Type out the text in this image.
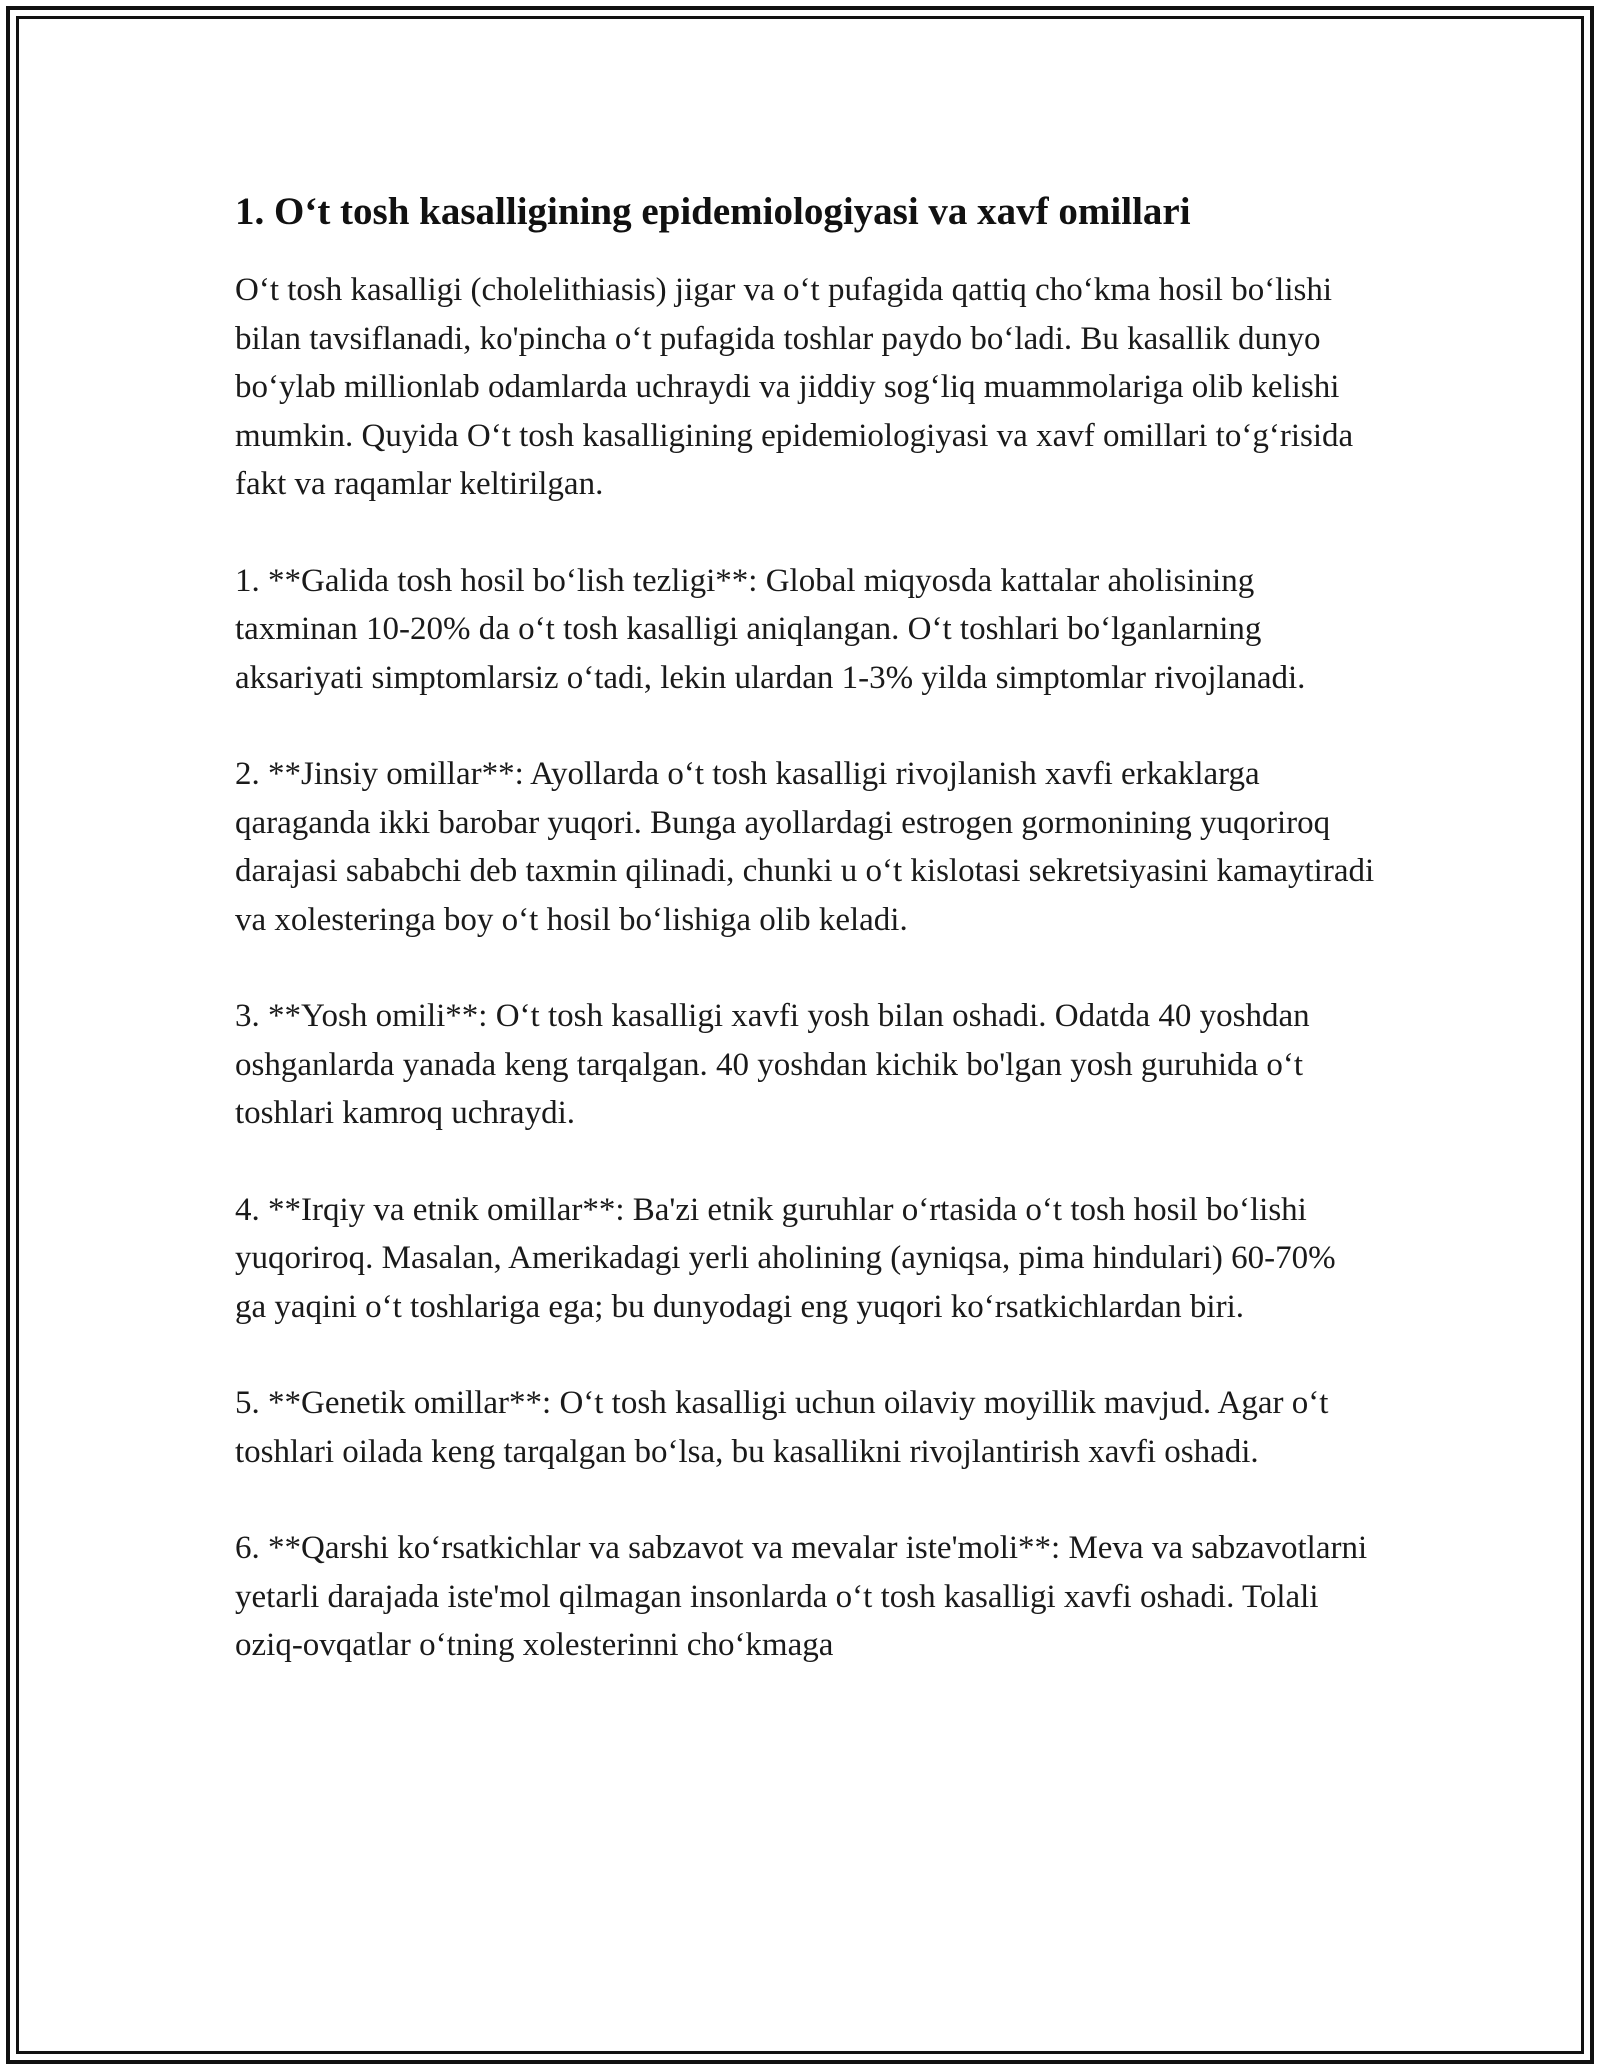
1. O‘t tosh kasalligining epidemiologiyasi va xavf omillari

O‘t tosh kasalligi (cholelithiasis) jigar va o‘t pufagida qattiq cho‘kma hosil bo‘lishi bilan tavsiflanadi, ko'pincha o‘t pufagida toshlar paydo bo‘ladi. Bu kasallik dunyo bo‘ylab millionlab odamlarda uchraydi va jiddiy sog‘liq muammolariga olib kelishi mumkin. Quyida O‘t tosh kasalligining epidemiologiyasi va xavf omillari to‘g‘risida fakt va raqamlar keltirilgan.

1. **Galida tosh hosil bo‘lish tezligi**: Global miqyosda kattalar aholisining taxminan 10-20% da o‘t tosh kasalligi aniqlangan. O‘t toshlari bo‘lganlarning aksariyati simptomlarsiz o‘tadi, lekin ulardan 1-3% yilda simptomlar rivojlanadi.

2. **Jinsiy omillar**: Ayollarda o‘t tosh kasalligi rivojlanish xavfi erkaklarga qaraganda ikki barobar yuqori. Bunga ayollardagi estrogen gormonining yuqoriroq darajasi sababchi deb taxmin qilinadi, chunki u o‘t kislotasi sekretsiyasini kamaytiradi va xolesteringa boy o‘t hosil bo‘lishiga olib keladi.

3. **Yosh omili**: O‘t tosh kasalligi xavfi yosh bilan oshadi. Odatda 40 yoshdan oshganlarda yanada keng tarqalgan. 40 yoshdan kichik bo'lgan yosh guruhida o‘t toshlari kamroq uchraydi.

4. **Irqiy va etnik omillar**: Ba'zi etnik guruhlar o‘rtasida o‘t tosh hosil bo‘lishi yuqoriroq. Masalan, Amerikadagi yerli aholining (ayniqsa, pima hindulari) 60-70% ga yaqini o‘t toshlariga ega; bu dunyodagi eng yuqori ko‘rsatkichlardan biri.

5. **Genetik omillar**: O‘t tosh kasalligi uchun oilaviy moyillik mavjud. Agar o‘t toshlari oilada keng tarqalgan bo‘lsa, bu kasallikni rivojlantirish xavfi oshadi.

6. **Qarshi ko‘rsatkichlar va sabzavot va mevalar iste'moli**: Meva va sabzavotlarni yetarli darajada iste'mol qilmagan insonlarda o‘t tosh kasalligi xavfi oshadi. Tolali oziq-ovqatlar o‘tning xolesterinni cho‘kmaga
